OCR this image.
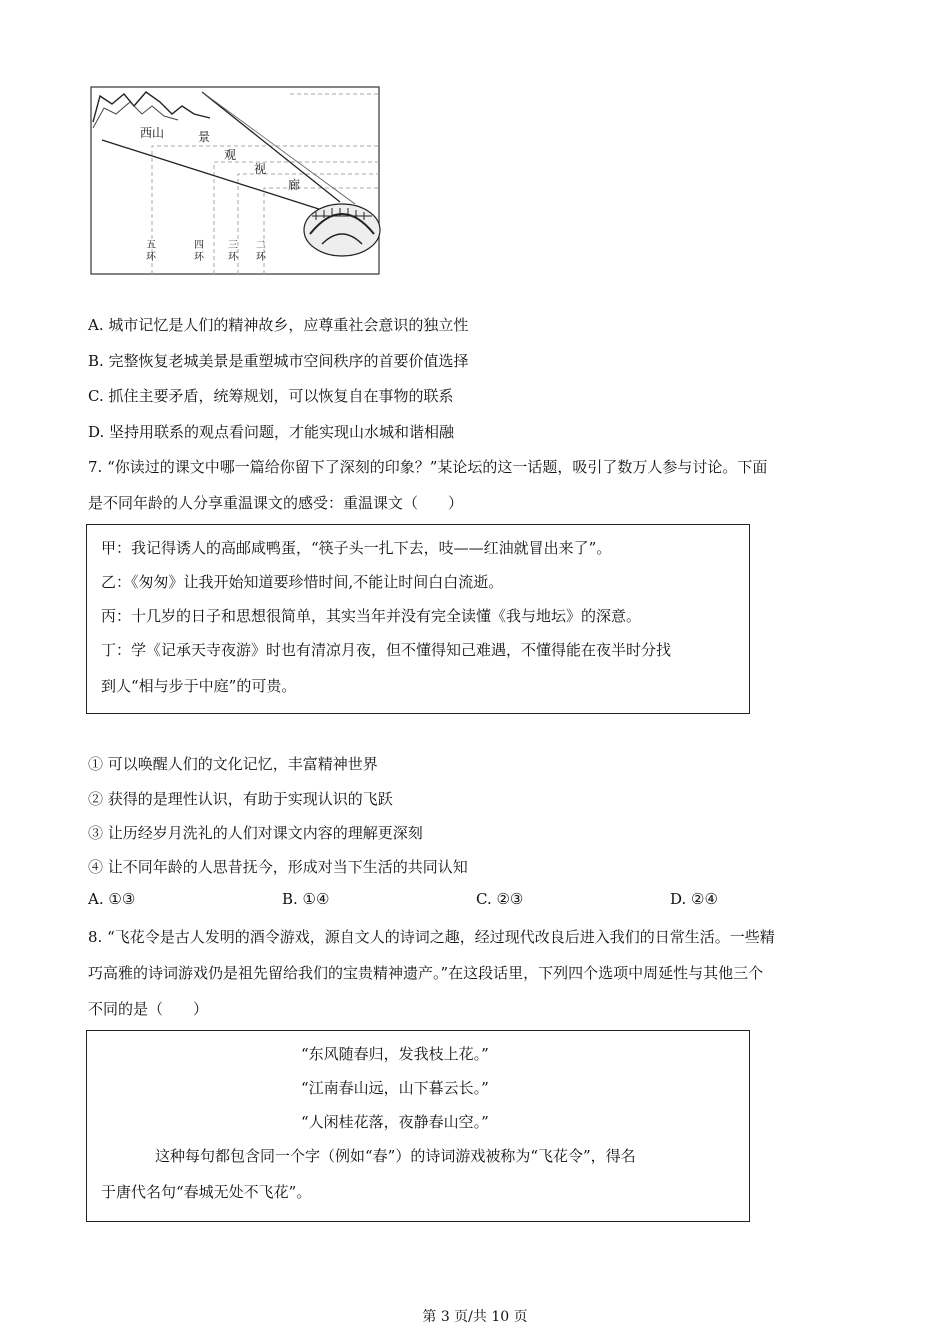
西山	景
观
视
廊
五环
四环
三环
二环
A. 城市记忆是人们的精神故乡，应尊重社会意识的独立性
B. 完整恢复老城美景是重塑城市空间秩序的首要价值选择
C. 抓住主要矛盾，统筹规划，可以恢复自在事物的联系
D. 坚持用联系的观点看问题，才能实现山水城和谐相融
7. “你读过的课文中哪一篇给你留下了深刻的印象？”某论坛的这一话题，吸引了数万人参与讨论。下面
是不同年龄的人分享重温课文的感受：重温课文（　　）
甲：我记得诱人的高邮咸鸭蛋，“筷子头一扎下去，吱——红油就冒出来了”。
乙：《匆匆》让我开始知道要珍惜时间,不能让时间白白流逝。
丙：十几岁的日子和思想很简单，其实当年并没有完全读懂《我与地坛》的深意。
丁：学《记承天寺夜游》时也有清凉月夜，但不懂得知己难遇，不懂得能在夜半时分找
到人“相与步于中庭”的可贵。
① 可以唤醒人们的文化记忆，丰富精神世界
② 获得的是理性认识，有助于实现认识的飞跃
③ 让历经岁月洗礼的人们对课文内容的理解更深刻
④ 让不同年龄的人思昔抚今，形成对当下生活的共同认知
A. ①③	B. ①④	C. ②③	D. ②④
8. “飞花令是古人发明的酒令游戏，源自文人的诗词之趣，经过现代改良后进入我们的日常生活。一些精
巧高雅的诗词游戏仍是祖先留给我们的宝贵精神遗产。”在这段话里，下列四个选项中周延性与其他三个
不同的是（　　）
“东风随春归，发我枝上花。”
“江南春山远，山下暮云长。”
“人闲桂花落，夜静春山空。”
这种每句都包含同一个字（例如“春”）的诗词游戏被称为“飞花令”，得名
于唐代名句“春城无处不飞花”。
第 3 页/共 10 页
